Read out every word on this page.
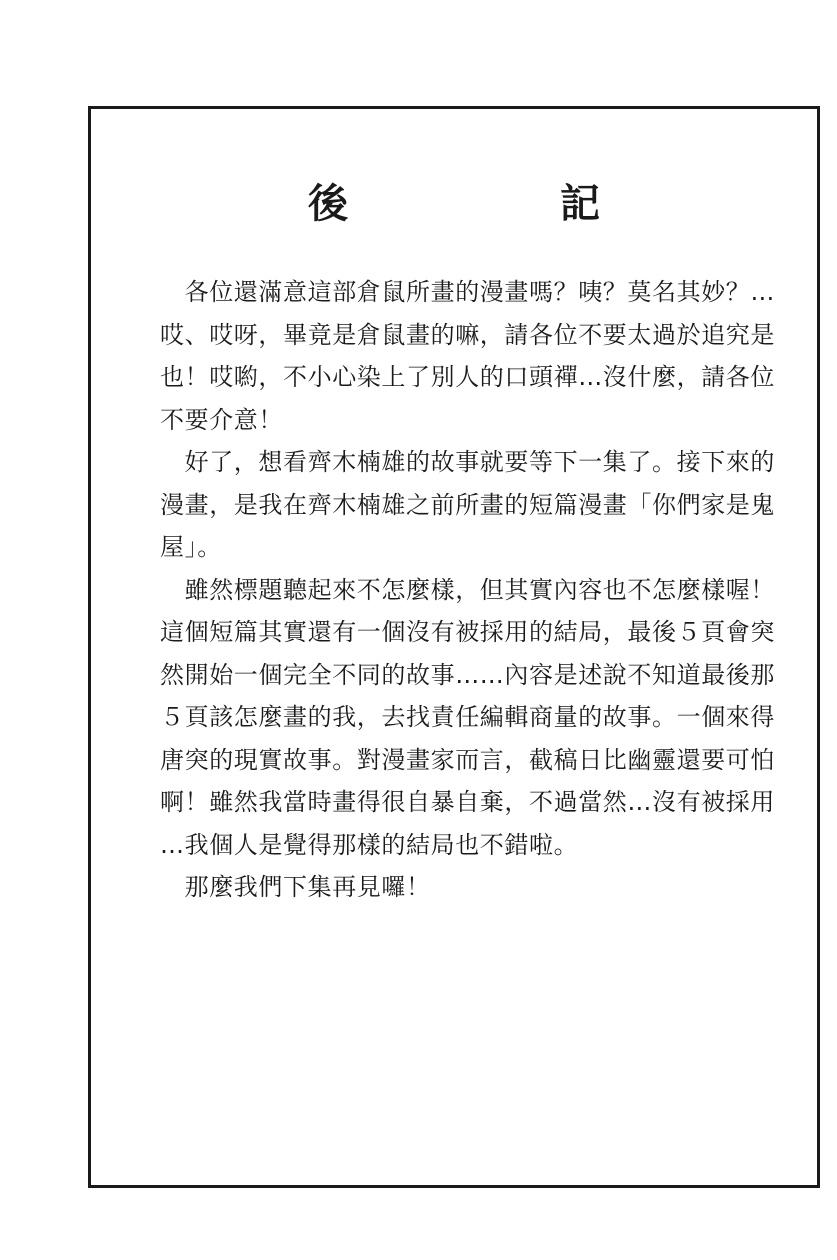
後　記
　各位還滿意這部倉鼠所畫的漫畫嗎？咦？莫名其妙？…
哎、哎呀，畢竟是倉鼠畫的嘛，請各位不要太過於追究是
也！哎喲，不小心染上了別人的口頭禪…沒什麼，請各位
不要介意！
　好了，想看齊木楠雄的故事就要等下一集了。接下來的
漫畫，是我在齊木楠雄之前所畫的短篇漫畫「你們家是鬼
屋」。
　雖然標題聽起來不怎麼樣，但其實內容也不怎麼樣喔！
這個短篇其實還有一個沒有被採用的結局，最後５頁會突
然開始一個完全不同的故事……內容是述說不知道最後那
５頁該怎麼畫的我，去找責任編輯商量的故事。一個來得
唐突的現實故事。對漫畫家而言，截稿日比幽靈還要可怕
啊！雖然我當時畫得很自暴自棄，不過當然…沒有被採用
…我個人是覺得那樣的結局也不錯啦。
　那麼我們下集再見囉！
